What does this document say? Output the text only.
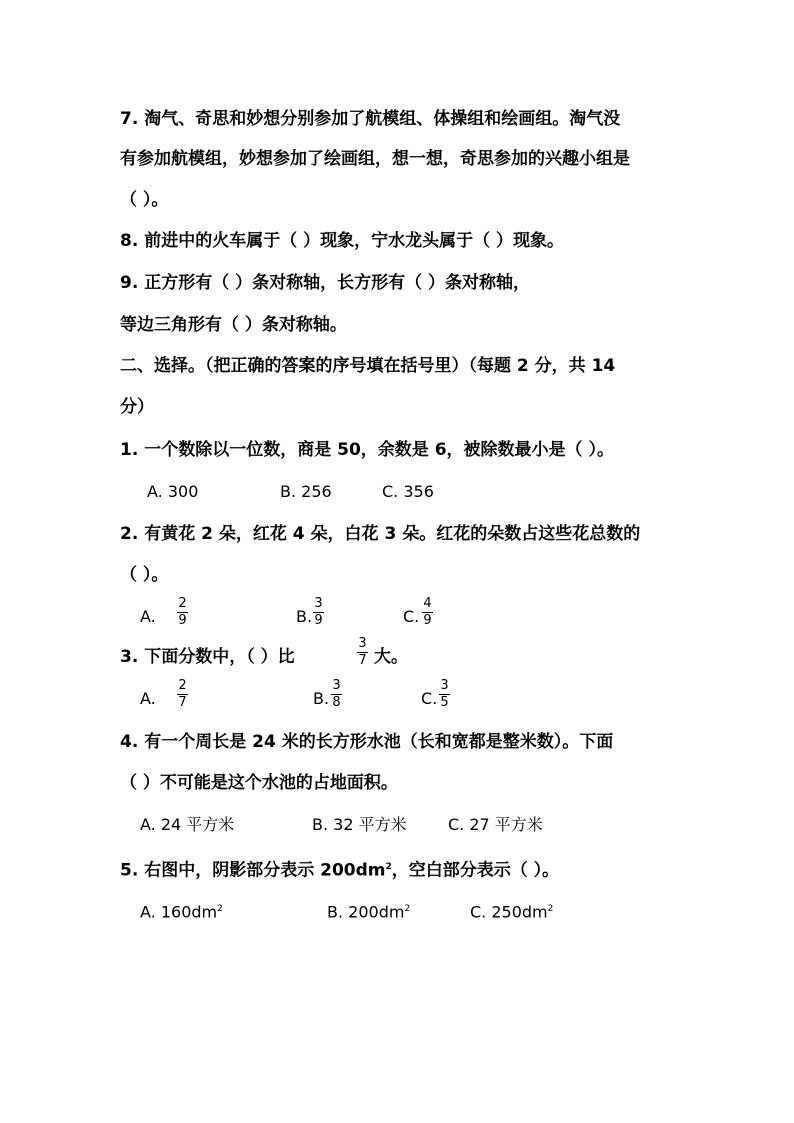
7. 淘气、奇思和妙想分别参加了航模组、体操组和绘画组。淘气没
有参加航模组，妙想参加了绘画组，想一想，奇思参加的兴趣小组是
（ ）。
8. 前进中的火车属于（ ）现象，宁水龙头属于（ ）现象。
9. 正方形有（ ）条对称轴，长方形有（ ）条对称轴，
等边三角形有（ ）条对称轴。
二、选择。（把正确的答案的序号填在括号里）（每题 2 分，共 14
分）
1. 一个数除以一位数，商是 50，余数是 6，被除数最小是（ ）。
A. 300	B. 256	C. 356
2. 有黄花 2 朵，红花 4 朵，白花 3 朵。红花的朵数占这些花总数的
（ ）。
A.
2
9	B.
3
9	C.
4
9
3. 下面分数中，（ ）比
3
7 大。
A.
2
7	B.
3
8	C.
3
5
4. 有一个周长是 24 米的长方形水池（长和宽都是整米数）。下面
（ ）不可能是这个水池的占地面积。
A. 24 平方米	B. 32 平方米	C. 27 平方米
5. 右图中，阴影部分表示 $200dm^2$，空白部分表示（ ）。
A. $160dm^2$	B. $200dm^2$	C. $250dm^2$
